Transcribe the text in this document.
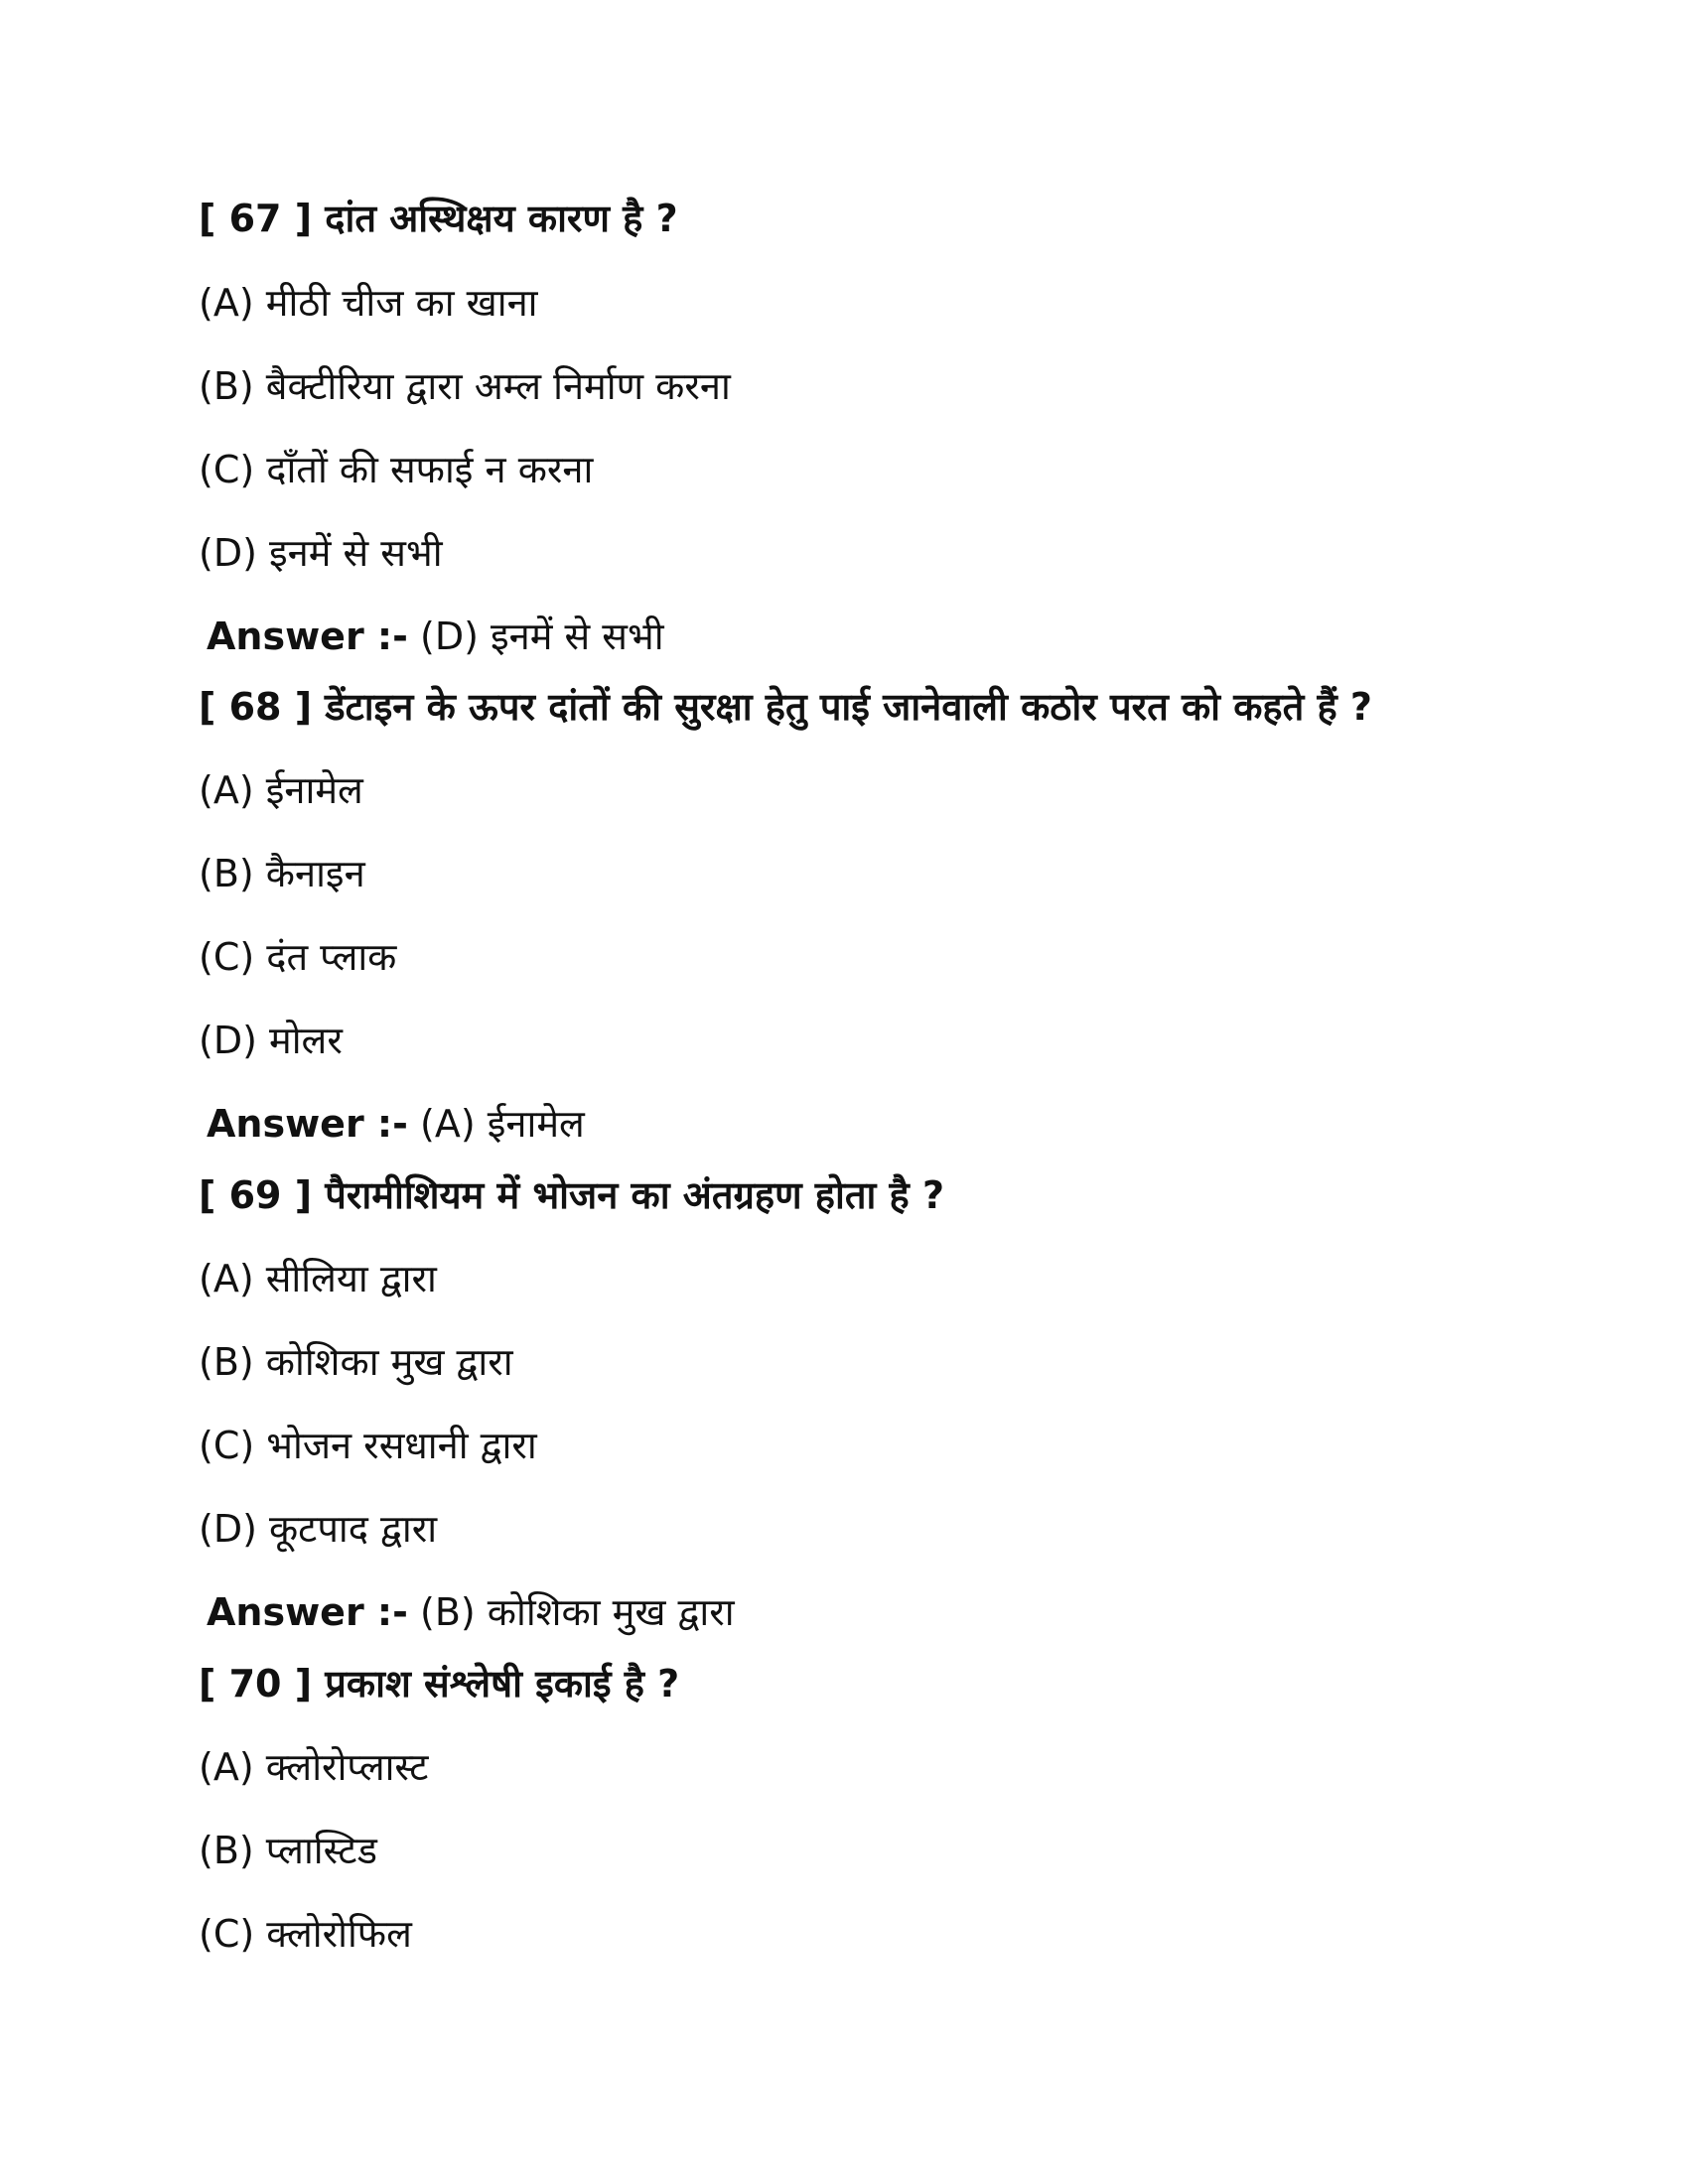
[ 67 ] दांत अस्थिक्षय कारण है ?
(A) मीठी चीज का खाना
(B) बैक्टीरिया द्वारा अम्ल निर्माण करना
(C) दाँतों की सफाई न करना
(D) इनमें से सभी
Answer :- (D) इनमें से सभी
[ 68 ] डेंटाइन के ऊपर दांतों की सुरक्षा हेतु पाई जानेवाली कठोर परत को कहते हैं ?
(A) ईनामेल
(B) कैनाइन
(C) दंत प्लाक
(D) मोलर
Answer :- (A) ईनामेल
[ 69 ] पैरामीशियम में भोजन का अंतग्रहण होता है ?
(A) सीलिया द्वारा
(B) कोशिका मुख द्वारा
(C) भोजन रसधानी द्वारा
(D) कूटपाद द्वारा
Answer :- (B) कोशिका मुख द्वारा
[ 70 ] प्रकाश संश्लेषी इकाई है ?
(A) क्लोरोप्लास्ट
(B) प्लास्टिड
(C) क्लोरोफिल
